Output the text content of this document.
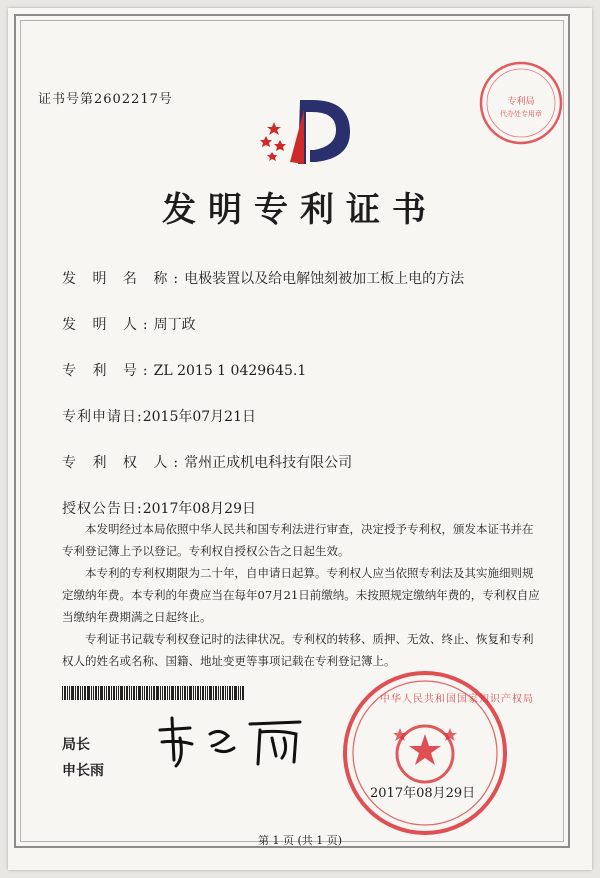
证书号第2602217号	专利局
代办处专用章
发明专利证书
发 明 名 称:电极装置以及给电解蚀刻被加工板上电的方法
发 明 人:周丁政
专 利 号:ZL 2015 1 0429645.1
专利申请日:2015年07月21日
专 利 权 人:常州正成机电科技有限公司
授权公告日:2017年08月29日
本发明经过本局依照中华人民共和国专利法进行审查，决定授予专利权，颁发本证书并在专利登记簿上予以登记。专利权自授权公告之日起生效。
本专利的专利权期限为二十年，自申请日起算。专利权人应当依照专利法及其实施细则规定缴纳年费。本专利的年费应当在每年07月21日前缴纳。未按照规定缴纳年费的，专利权自应当缴纳年费期满之日起终止。
专利证书记载专利权登记时的法律状况。专利权的转移、质押、无效、终止、恢复和专利权人的姓名或名称、国籍、地址变更等事项记载在专利登记簿上。
局长
申长雨
中华人民共和国国家知识产权局
2017年08月29日
第 1 页 (共 1 页)
